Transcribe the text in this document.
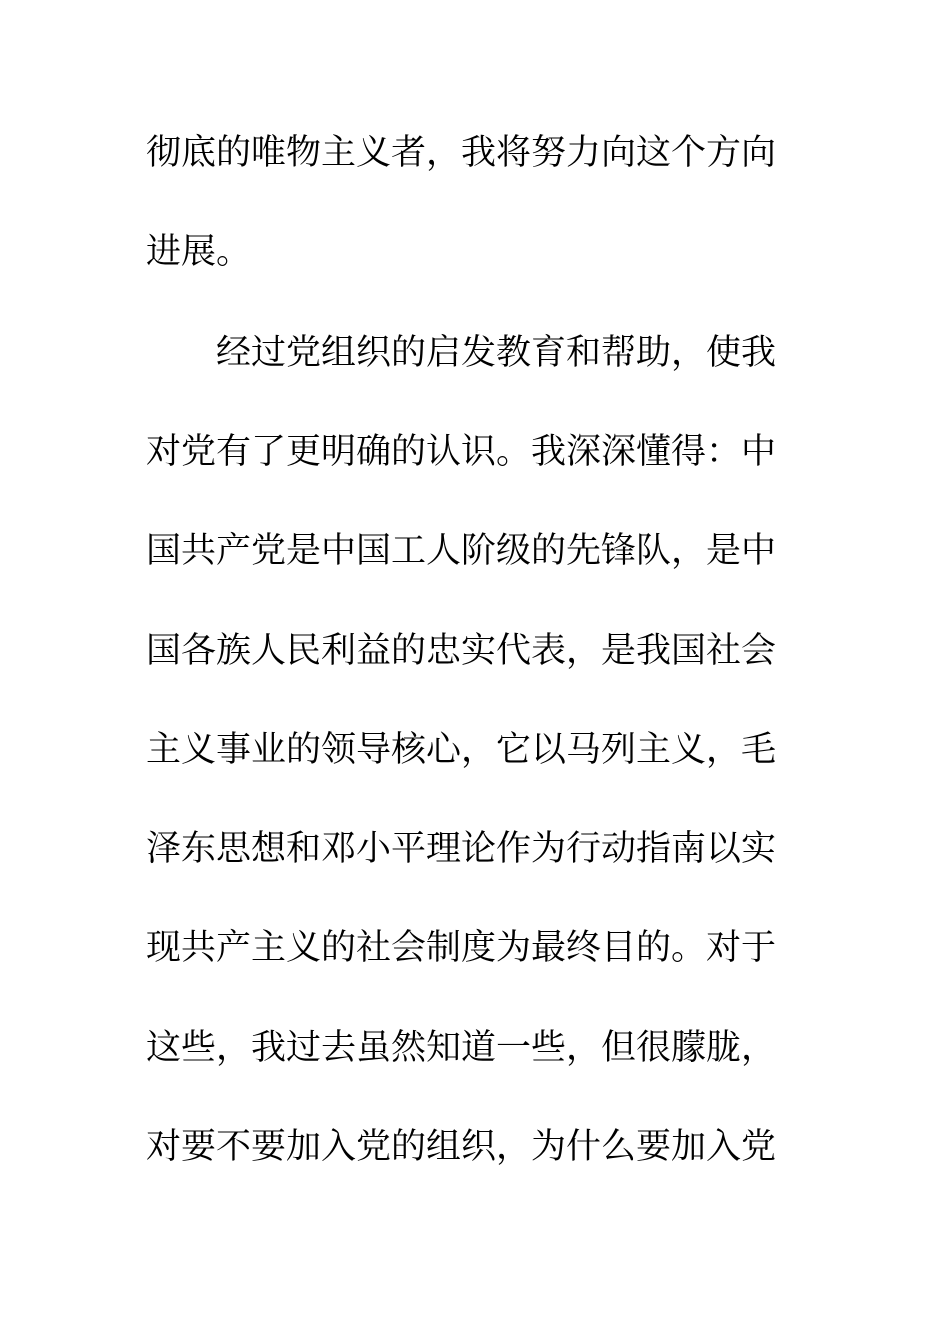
彻底的唯物主义者，我将努力向这个方向
进展。
经过党组织的启发教育和帮助，使我
对党有了更明确的认识。我深深懂得：中
国共产党是中国工人阶级的先锋队，是中
国各族人民利益的忠实代表，是我国社会
主义事业的领导核心，它以马列主义，毛
泽东思想和邓小平理论作为行动指南以实
现共产主义的社会制度为最终目的。对于
这些，我过去虽然知道一些，但很朦胧，
对要不要加入党的组织，为什么要加入党
